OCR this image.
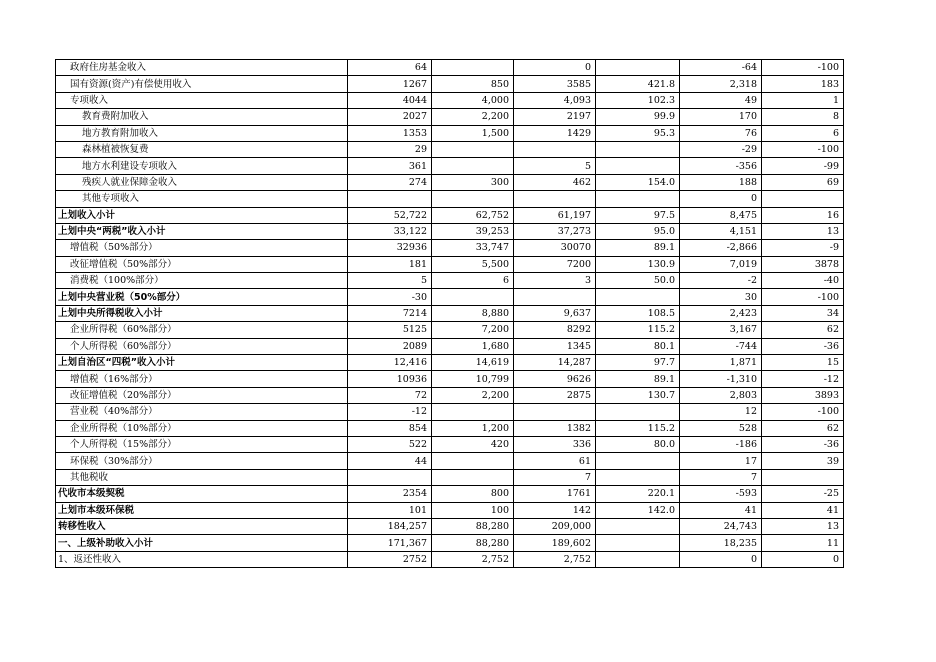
政府住房基金收入	64		0		-64	-100
国有资源(资产)有偿使用收入	1267	850	3585	421.8	2,318	183
专项收入	4044	4,000	4,093	102.3	49	1
教育费附加收入	2027	2,200	2197	99.9	170	8
地方教育附加收入	1353	1,500	1429	95.3	76	6
森林植被恢复费	29				-29	-100
地方水利建设专项收入	361		5		-356	-99
残疾人就业保障金收入	274	300	462	154.0	188	69
其他专项收入					0	
上划收入小计	52,722	62,752	61,197	97.5	8,475	16
上划中央“两税”收入小计	33,122	39,253	37,273	95.0	4,151	13
增值税（50%部分）	32936	33,747	30070	89.1	-2,866	-9
改征增值税（50%部分）	181	5,500	7200	130.9	7,019	3878
消费税（100%部分）	5	6	3	50.0	-2	-40
上划中央营业税（50%部分）	-30				30	-100
上划中央所得税收入小计	7214	8,880	9,637	108.5	2,423	34
企业所得税（60%部分）	5125	7,200	8292	115.2	3,167	62
个人所得税（60%部分）	2089	1,680	1345	80.1	-744	-36
上划自治区“四税”收入小计	12,416	14,619	14,287	97.7	1,871	15
增值税（16%部分）	10936	10,799	9626	89.1	-1,310	-12
改征增值税（20%部分）	72	2,200	2875	130.7	2,803	3893
营业税（40%部分）	-12				12	-100
企业所得税（10%部分）	854	1,200	1382	115.2	528	62
个人所得税（15%部分）	522	420	336	80.0	-186	-36
环保税（30%部分）	44		61		17	39
其他税收			7		7	
代收市本级契税	2354	800	1761	220.1	-593	-25
上划市本级环保税	101	100	142	142.0	41	41
转移性收入	184,257	88,280	209,000		24,743	13
一、上级补助收入小计	171,367	88,280	189,602		18,235	11
1、返还性收入	2752	2,752	2,752		0	0
